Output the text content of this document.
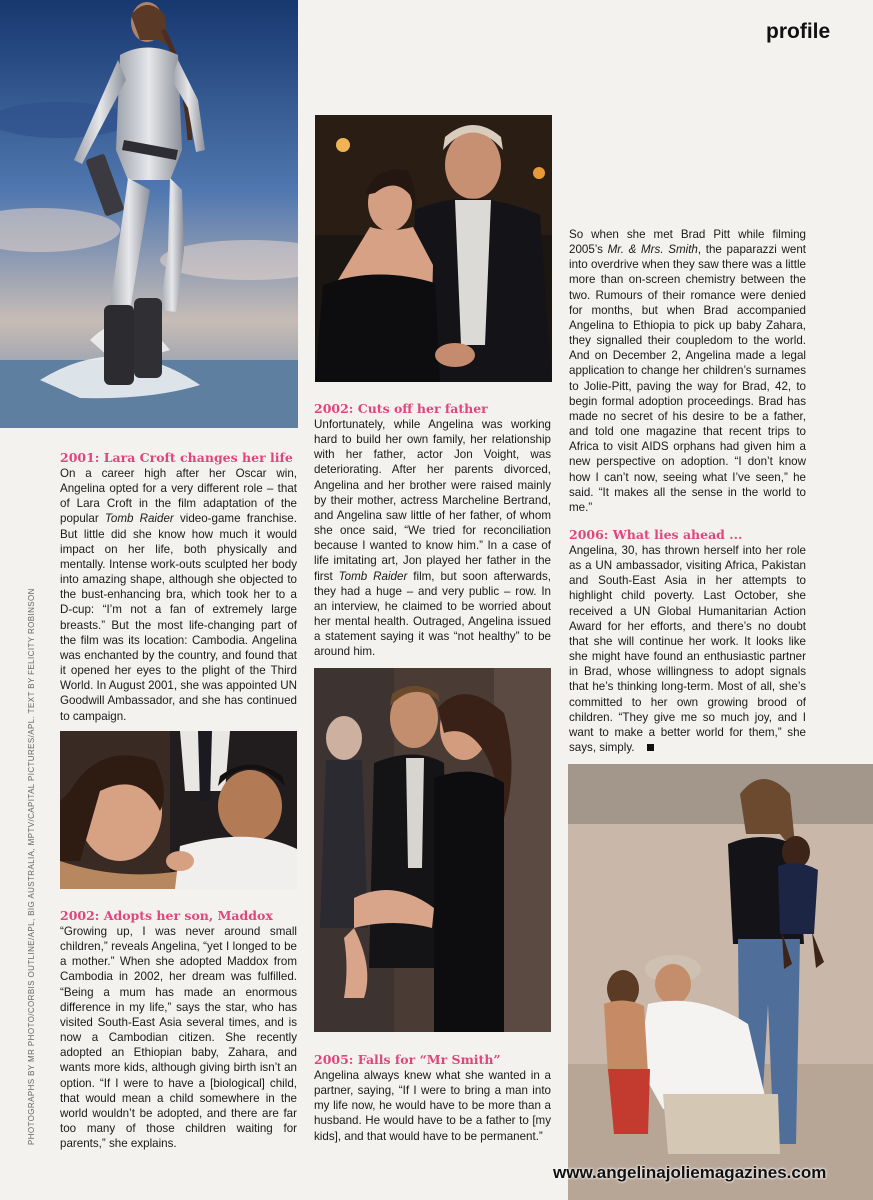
profile
PHOTOGRAPHS BY MR PHOTO/CORBIS OUTLINE/APL, BIG AUSTRALIA, MPTV/CAPITAL PICTURES/APL. TEXT BY FELICITY ROBINSON

2001: Lara Croft changes her life

On a career high after her Oscar win, Angelina opted for a very different role – that of Lara Croft in the film adaptation of the popular Tomb Raider video-game franchise. But little did she know how much it would impact on her life, both physically and mentally. Intense work-outs sculpted her body into amazing shape, although she objected to the bust-enhancing bra, which took her to a D-cup: “I’m not a fan of extremely large breasts.” But the most life-changing part of the film was its location: Cambodia. Angelina was enchanted by the country, and found that it opened her eyes to the plight of the Third World. In August 2001, she was appointed UN Goodwill Ambassador, and she has continued to campaign.

2002: Adopts her son, Maddox

“Growing up, I was never around small children,” reveals Angelina, “yet I longed to be a mother.” When she adopted Maddox from Cambodia in 2002, her dream was fulfilled. “Being a mum has made an enormous difference in my life,” says the star, who has visited South-East Asia several times, and is now a Cambodian citizen. She recently adopted an Ethiopian baby, Zahara, and wants more kids, although giving birth isn’t an option. “If I were to have a [biological] child, that would mean a child somewhere in the world wouldn’t be adopted, and there are far too many of those children waiting for parents,” she explains.

2002: Cuts off her father

Unfortunately, while Angelina was working hard to build her own family, her relationship with her father, actor Jon Voight, was deteriorating. After her parents divorced, Angelina and her brother were raised mainly by their mother, actress Marcheline Bertrand, and Angelina saw little of her father, of whom she once said, “We tried for reconciliation because I wanted to know him.” In a case of life imitating art, Jon played her father in the first Tomb Raider film, but soon afterwards, they had a huge – and very public – row. In an interview, he claimed to be worried about her mental health. Outraged, Angelina issued a statement saying it was “not healthy” to be around him.

2005: Falls for “Mr Smith”

Angelina always knew what she wanted in a partner, saying, “If I were to bring a man into my life now, he would have to be more than a husband. He would have to be a father to [my kids], and that would have to be permanent.”

So when she met Brad Pitt while filming 2005’s Mr. & Mrs. Smith, the paparazzi went into overdrive when they saw there was a little more than on-screen chemistry between the two. Rumours of their romance were denied for months, but when Brad accompanied Angelina to Ethiopia to pick up baby Zahara, they signalled their coupledom to the world. And on December 2, Angelina made a legal application to change her children’s surnames to Jolie-Pitt, paving the way for Brad, 42, to begin formal adoption proceedings. Brad has made no secret of his desire to be a father, and told one magazine that recent trips to Africa to visit AIDS orphans had given him a new perspective on adoption. “I don’t know how I can’t now, seeing what I’ve seen,” he said. “It makes all the sense in the world to me.”

2006: What lies ahead ...

Angelina, 30, has thrown herself into her role as a UN ambassador, visiting Africa, Pakistan and South-East Asia in her attempts to highlight child poverty. Last October, she received a UN Global Humanitarian Action Award for her efforts, and there’s no doubt that she will continue her work. It looks like she might have found an enthusiastic partner in Brad, whose willingness to adopt signals that he’s thinking long-term. Most of all, she’s committed to her own growing brood of children. “They give me so much joy, and I want to make a better world for them,” she says, simply.

www.angelinajoliemagazines.com
